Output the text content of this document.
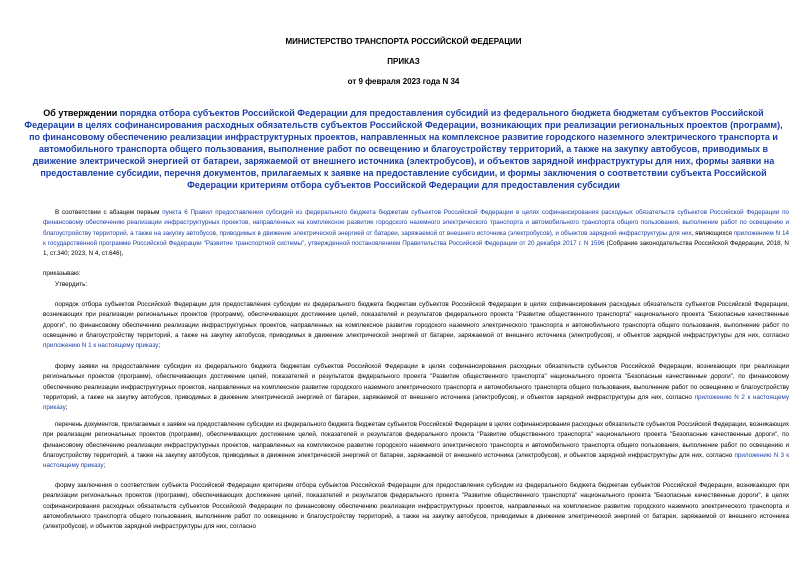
МИНИСТЕРСТВО ТРАНСПОРТА РОССИЙСКОЙ ФЕДЕРАЦИИ
ПРИКАЗ
от 9 февраля 2023 года N 34
Об утверждении порядка отбора субъектов Российской Федерации для предоставления субсидий из федерального бюджета бюджетам субъектов Российской Федерации в целях софинансирования расходных обязательств субъектов Российской Федерации, возникающих при реализации региональных проектов (программ), по финансовому обеспечению реализации инфраструктурных проектов, направленных на комплексное развитие городского наземного электрического транспорта и автомобильного транспорта общего пользования, выполнение работ по освещению и благоустройству территорий, а также на закупку автобусов, приводимых в движение электрической энергией от батареи, заряжаемой от внешнего источника (электробусов), и объектов зарядной инфраструктуры для них, формы заявки на предоставление субсидии, перечня документов, прилагаемых к заявке на предоставление субсидии, и формы заключения о соответствии субъекта Российской Федерации критериям отбора субъектов Российской Федерации для предоставления субсидии
В соответствии с абзацем первым пункта 6 Правил предоставления субсидий из федерального бюджета бюджетам субъектов Российской Федерации в целях софинансирования расходных обязательств субъектов Российской Федерации по финансовому обеспечению реализации инфраструктурных проектов, направленных на комплексное развитие городского наземного электрического транспорта и автомобильного транспорта общего пользования, выполнение работ по освещению и благоустройству территорий, а также на закупку автобусов, приводимых в движение электрической энергией от батареи, заряжаемой от внешнего источника (электробусов), и объектов зарядной инфраструктуры для них, являющихся приложением N 14 к государственной программе Российской Федерации "Развитие транспортной системы", утвержденной постановлением Правительства Российской Федерации от 20 декабря 2017 г. N 1596 (Собрание законодательства Российской Федерации, 2018, N 1, ст.340; 2023, N 4, ст.646),
приказываю:
Утвердить:
порядок отбора субъектов Российской Федерации для предоставления субсидии из федерального бюджета бюджетам субъектов Российской Федерации в целях софинансирования расходных обязательств субъектов Российской Федерации, возникающих при реализации региональных проектов (программ), обеспечивающих достижение целей, показателей и результатов федерального проекта "Развитие общественного транспорта" национального проекта "Безопасные качественные дороги", по финансовому обеспечению реализации инфраструктурных проектов, направленных на комплексное развитие городского наземного электрического транспорта и автомобильного транспорта общего пользования, выполнение работ по освещению и благоустройству территорий, а также на закупку автобусов, приводимых в движение электрической энергией от батареи, заряжаемой от внешнего источника (электробусов), и объектов зарядной инфраструктуры для них, согласно приложению N 1 к настоящему приказу;
форму заявки на предоставление субсидии из федерального бюджета бюджетам субъектов Российской Федерации в целях софинансирования расходных обязательств субъектов Российской Федерации, возникающих при реализации региональных проектов (программ), обеспечивающих достижение целей, показателей и результатов федерального проекта "Развитие общественного транспорта" национального проекта "Безопасные качественные дороги", по финансовому обеспечению реализации инфраструктурных проектов, направленных на комплексное развитие городского наземного электрического транспорта и автомобильного транспорта общего пользования, выполнение работ по освещению и благоустройству территорий, а также на закупку автобусов, приводимых в движение электрической энергией от батареи, заряжаемой от внешнего источника (электробусов), и объектов зарядной инфраструктуры для них, согласно приложению N 2 к настоящему приказу;
перечень документов, прилагаемых к заявке на предоставление субсидии из федерального бюджета бюджетам субъектов Российской Федерации в целях софинансирования расходных обязательств субъектов Российской Федерации, возникающих при реализации региональных проектов (программ), обеспечивающих достижение целей, показателей и результатов федерального проекта "Развитие общественного транспорта" национального проекта "Безопасные качественные дороги", по финансовому обеспечению реализации инфраструктурных проектов, направленных на комплексное развитие городского наземного электрического транспорта и автомобильного транспорта общего пользования, выполнение работ по освещению и благоустройству территорий, а также на закупку автобусов, приводимых в движение электрической энергией от батареи, заряжаемой от внешнего источника (электробусов), и объектов зарядной инфраструктуры для них, согласно приложению N 3 к настоящему приказу;
форму заключения о соответствии субъекта Российской Федерации критериям отбора субъектов Российской Федерации для предоставления субсидии из федерального бюджета бюджетам субъектов Российской Федерации, возникающих при реализации региональных проектов (программ), обеспечивающих достижение целей, показателей и результатов федерального проекта "Развитие общественного транспорта" национального проекта "Безопасные качественные дороги", в целях софинансирования расходных обязательств субъектов Российской Федерации по финансовому обеспечению реализации инфраструктурных проектов, направленных на комплексное развитие городского наземного электрического транспорта и автомобильного транспорта общего пользования, выполнение работ по освещению и благоустройству территорий, а также на закупку автобусов, приводимых в движение электрической энергией от батареи, заряжаемой от внешнего источника (электробусов), и объектов зарядной инфраструктуры для них, согласно
